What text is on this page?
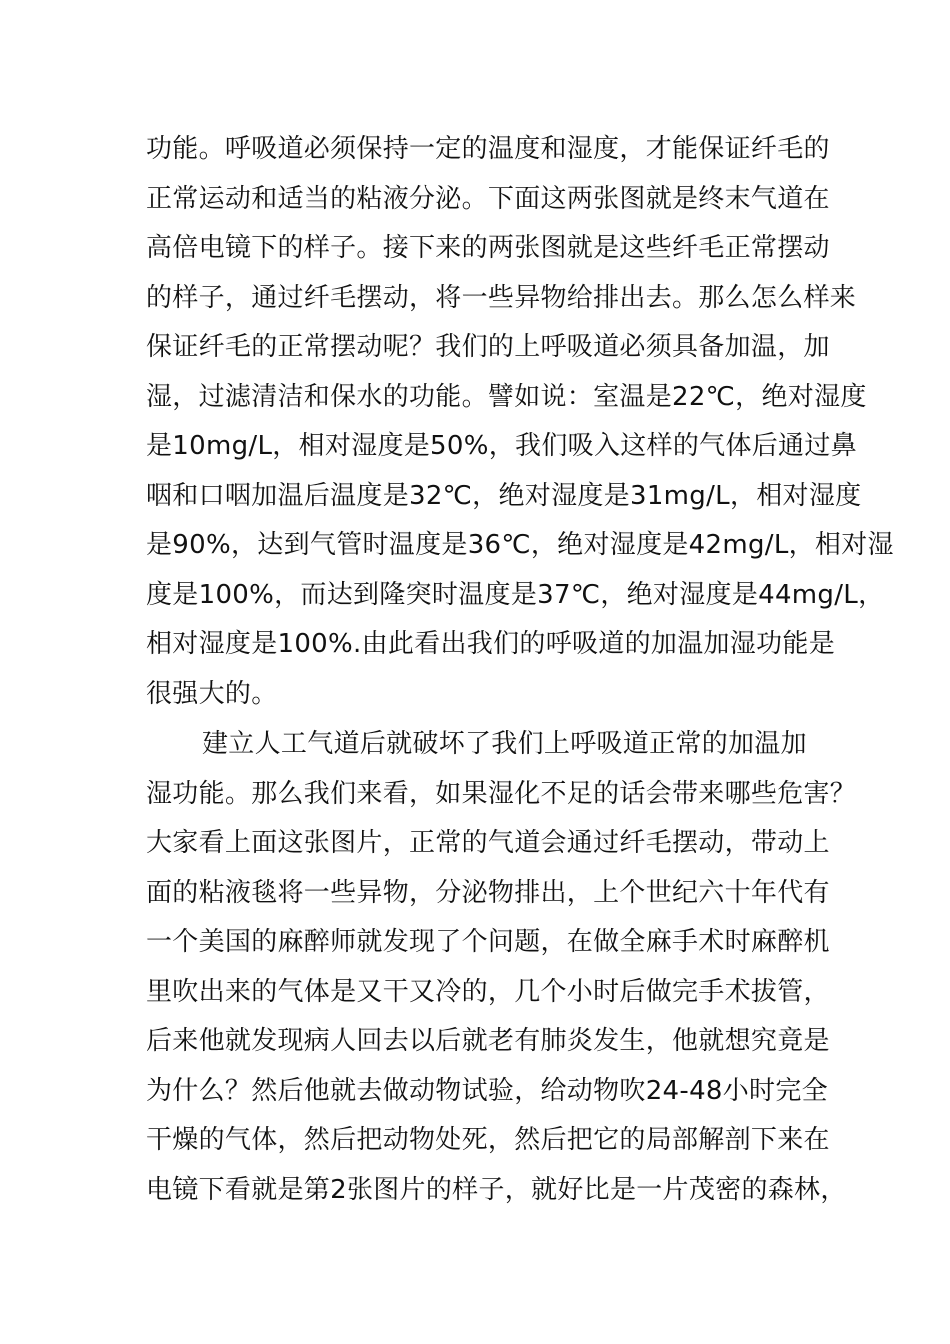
功能。呼吸道必须保持一定的温度和湿度，才能保证纤毛的
正常运动和适当的粘液分泌。下面这两张图就是终末气道在
高倍电镜下的样子。接下来的两张图就是这些纤毛正常摆动
的样子，通过纤毛摆动，将一些异物给排出去。那么怎么样来
保证纤毛的正常摆动呢？我们的上呼吸道必须具备加温，加
湿，过滤清洁和保水的功能。譬如说：室温是22℃，绝对湿度
是10mg/L，相对湿度是50%，我们吸入这样的气体后通过鼻
咽和口咽加温后温度是32℃，绝对湿度是31mg/L，相对湿度
是90%，达到气管时温度是36℃，绝对湿度是42mg/L，相对湿
度是100%，而达到隆突时温度是37℃，绝对湿度是44mg/L，
相对湿度是100%.由此看出我们的呼吸道的加温加湿功能是
很强大的。
建立人工气道后就破坏了我们上呼吸道正常的加温加
湿功能。那么我们来看，如果湿化不足的话会带来哪些危害？
大家看上面这张图片，正常的气道会通过纤毛摆动，带动上
面的粘液毯将一些异物，分泌物排出，上个世纪六十年代有
一个美国的麻醉师就发现了个问题，在做全麻手术时麻醉机
里吹出来的气体是又干又冷的，几个小时后做完手术拔管，
后来他就发现病人回去以后就老有肺炎发生，他就想究竟是
为什么？然后他就去做动物试验，给动物吹24-48小时完全
干燥的气体，然后把动物处死，然后把它的局部解剖下来在
电镜下看就是第2张图片的样子，就好比是一片茂密的森林，
